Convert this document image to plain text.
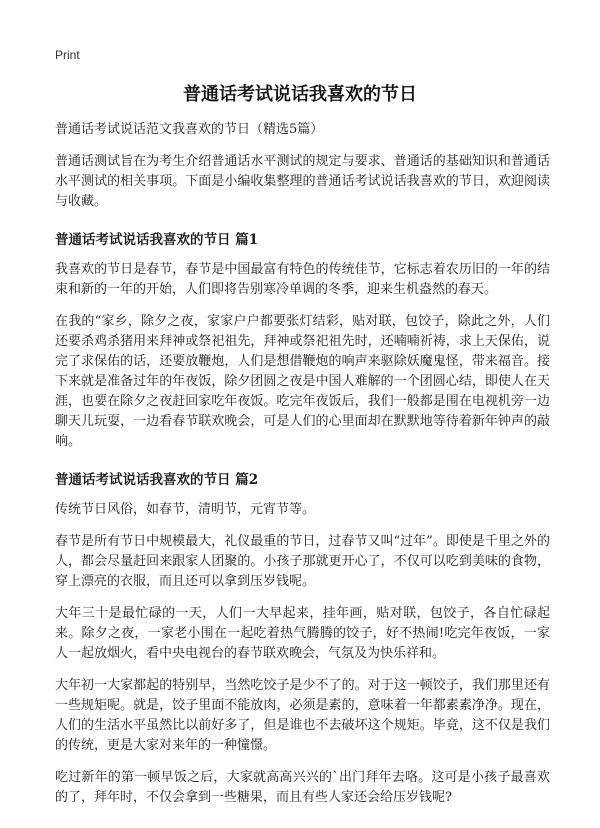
Print
普通话考试说话我喜欢的节日

普通话考试说话范文我喜欢的节日（精选5篇）

普通话测试旨在为考生介绍普通话水平测试的规定与要求、普通话的基础知识和普通话水平测试的相关事项。下面是小编收集整理的普通话考试说话我喜欢的节日，欢迎阅读与收藏。

普通话考试说话我喜欢的节日 篇1

我喜欢的节日是春节，春节是中国最富有特色的传统佳节，它标志着农历旧的一年的结束和新的一年的开始，人们即将告别寒冷单调的冬季，迎来生机盎然的春天。

在我的“家乡，除夕之夜，家家户户都要张灯结彩，贴对联，包饺子，除此之外，人们还要杀鸡杀猪用来拜神或祭祀祖先，拜神或祭祀祖先时，还喃喃祈祷，求上天保佑，说完了求保佑的话，还要放鞭炮，人们是想借鞭炮的响声来驱除妖魔鬼怪，带来福音。接下来就是准备过年的年夜饭，除夕团圆之夜是中国人难解的一个团圆心结，即使人在天涯，也要在除夕之夜赶回家吃年夜饭。吃完年夜饭后，我们一般都是围在电视机旁一边聊天儿玩耍，一边看春节联欢晚会，可是人们的心里面却在默默地等待着新年钟声的敲响。

普通话考试说话我喜欢的节日 篇2

传统节日风俗，如春节，清明节，元宵节等。

春节是所有节日中规模最大，礼仪最重的节日，过春节又叫“过年”。即使是千里之外的人，都会尽量赶回来跟家人团聚的。小孩子那就更开心了，不仅可以吃到美味的食物，穿上漂亮的衣服，而且还可以拿到压岁钱呢。

大年三十是最忙碌的一天，人们一大早起来，挂年画，贴对联，包饺子，各自忙碌起来。除夕之夜，一家老小围在一起吃着热气腾腾的饺子，好不热闹!吃完年夜饭，一家人一起放烟火，看中央电视台的春节联欢晚会，气氛及为快乐祥和。

大年初一大家都起的特别早，当然吃饺子是少不了的。对于这一顿饺子，我们那里还有一些规矩呢。就是，饺子里面不能放肉，必须是素的，意味着一年都素素净净。现在，人们的生活水平虽然比以前好多了，但是谁也不去破坏这个规矩。毕竟，这不仅是我们的传统，更是大家对来年的一种憧憬。

吃过新年的第一顿早饭之后，大家就高高兴兴的`出门拜年去咯。这可是小孩子最喜欢的了，拜年时，不仅会拿到一些糖果，而且有些人家还会给压岁钱呢?
